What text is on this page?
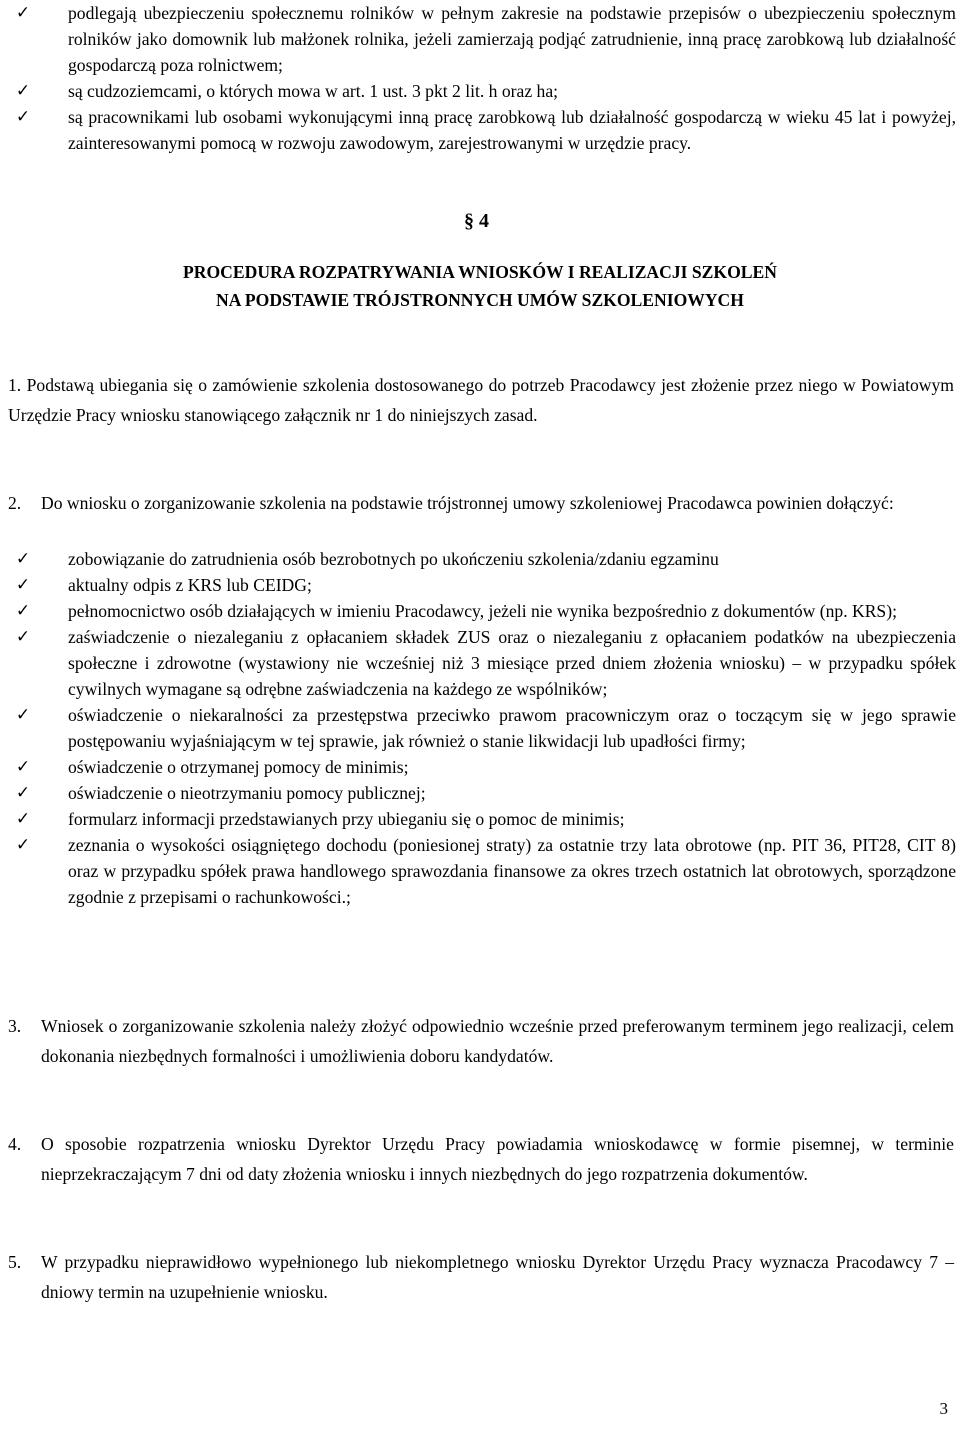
✓ podlegają ubezpieczeniu społecznemu rolników w pełnym zakresie na podstawie przepisów o ubezpieczeniu społecznym rolników jako domownik lub małżonek rolnika, jeżeli zamierzają podjąć zatrudnienie, inną pracę zarobkową lub działalność gospodarczą poza rolnictwem;
✓ są cudzoziemcami, o których mowa w art. 1 ust. 3 pkt 2 lit. h oraz ha;
✓ są pracownikami lub osobami wykonującymi inną pracę zarobkową lub działalność gospodarczą w wieku 45 lat i powyżej, zainteresowanymi pomocą w rozwoju zawodowym, zarejestrowanymi w urzędzie pracy.
§ 4
PROCEDURA ROZPATRYWANIA WNIOSKÓW I REALIZACJI SZKOLEŃ
NA PODSTAWIE TRÓJSTRONNYCH UMÓW SZKOLENIOWYCH
1. Podstawą ubiegania się o zamówienie szkolenia dostosowanego do potrzeb Pracodawcy jest złożenie przez niego w Powiatowym Urzędzie Pracy wniosku stanowiącego załącznik nr 1 do niniejszych zasad.
2. Do wniosku o zorganizowanie szkolenia na podstawie trójstronnej umowy szkoleniowej Pracodawca powinien dołączyć:
✓ zobowiązanie do zatrudnienia osób bezrobotnych po ukończeniu szkolenia/zdaniu egzaminu
✓ aktualny odpis z KRS lub CEIDG;
✓ pełnomocnictwo osób działających w imieniu Pracodawcy, jeżeli nie wynika bezpośrednio z dokumentów (np. KRS);
✓ zaświadczenie o niezaleganiu z opłacaniem składek ZUS oraz o niezaleganiu z opłacaniem podatków na ubezpieczenia społeczne i zdrowotne (wystawiony nie wcześniej niż 3 miesiące przed dniem złożenia wniosku) – w przypadku spółek cywilnych wymagane są odrębne zaświadczenia na każdego ze wspólników;
✓ oświadczenie o niekaralności za przestępstwa przeciwko prawom pracowniczym oraz o toczącym się w jego sprawie postępowaniu wyjaśniającym w tej sprawie, jak również o stanie likwidacji lub upadłości firmy;
✓ oświadczenie o otrzymanej pomocy de minimis;
✓ oświadczenie o nieotrzymaniu pomocy publicznej;
✓ formularz informacji przedstawianych przy ubieganiu się o pomoc de minimis;
✓ zeznania o wysokości osiągniętego dochodu (poniesionej straty) za ostatnie trzy lata obrotowe (np. PIT 36, PIT28, CIT 8) oraz w przypadku spółek prawa handlowego sprawozdania finansowe za okres trzech ostatnich lat obrotowych, sporządzone zgodnie z przepisami o rachunkowości.;
3. Wniosek o zorganizowanie szkolenia należy złożyć odpowiednio wcześnie przed preferowanym terminem jego realizacji, celem dokonania niezbędnych formalności i umożliwienia doboru kandydatów.
4. O sposobie rozpatrzenia wniosku Dyrektor Urzędu Pracy powiadamia wnioskodawcę w formie pisemnej, w terminie nieprzekraczającym 7 dni od daty złożenia wniosku i innych niezbędnych do jego rozpatrzenia dokumentów.
5. W przypadku nieprawidłowo wypełnionego lub niekompletnego wniosku Dyrektor Urzędu Pracy wyznacza Pracodawcy 7 – dniowy termin na uzupełnienie wniosku.
3
